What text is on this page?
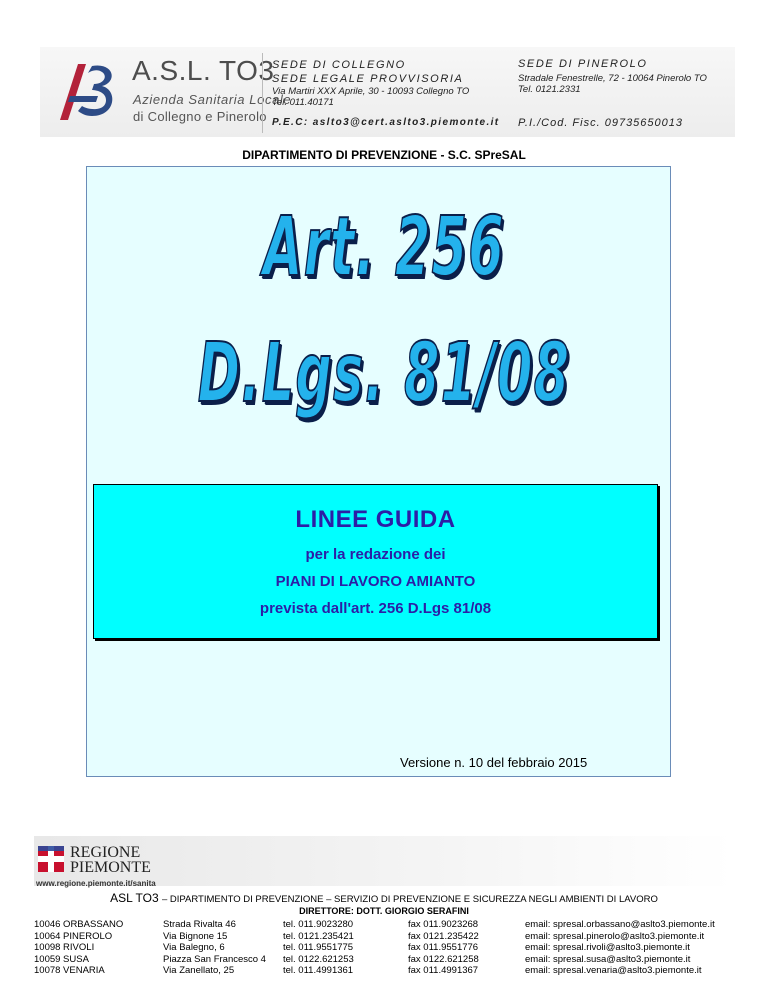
A.S.L. TO3
Azienda Sanitaria Locale
di Collegno e Pinerolo
SEDE DI COLLEGNO
SEDE LEGALE PROVVISORIA
Via Martiri XXX Aprile, 30 - 10093 Collegno TO
Tel. 011.40171
P.E.C: aslto3@cert.aslto3.piemonte.it
SEDE DI PINEROLO
Stradale Fenestrelle, 72 - 10064 Pinerolo TO
Tel. 0121.2331
P.I./Cod. Fisc. 09735650013
DIPARTIMENTO DI PREVENZIONE - S.C. SPreSAL
Art. 256
D.Lgs. 81/08
LINEE GUIDA
per la redazione dei
PIANI DI LAVORO AMIANTO
prevista dall'art. 256 D.Lgs 81/08
Versione n. 10 del febbraio 2015
REGIONE
PIEMONTE
www.regione.piemonte.it/sanita
ASL TO3 – DIPARTIMENTO DI PREVENZIONE – SERVIZIO DI PREVENZIONE E SICUREZZA NEGLI AMBIENTI DI LAVORO
DIRETTORE: DOTT. GIORGIO SERAFINI
10046 ORBASSANO
10064 PINEROLO
10098 RIVOLI
10059 SUSA
10078 VENARIA
Strada Rivalta 46
Via Bignone 15
Via Balegno, 6
Piazza San Francesco 4
Via Zanellato, 25
tel. 011.9023280
tel. 0121.235421
tel. 011.9551775
tel. 0122.621253
tel. 011.4991361
fax 011.9023268
fax 0121.235422
fax 011.9551776
fax 0122.621258
fax 011.4991367
email: spresal.orbassano@aslto3.piemonte.it
email: spresal.pinerolo@aslto3.piemonte.it
email: spresal.rivoli@aslto3.piemonte.it
email: spresal.susa@aslto3.piemonte.it
email: spresal.venaria@aslto3.piemonte.it
